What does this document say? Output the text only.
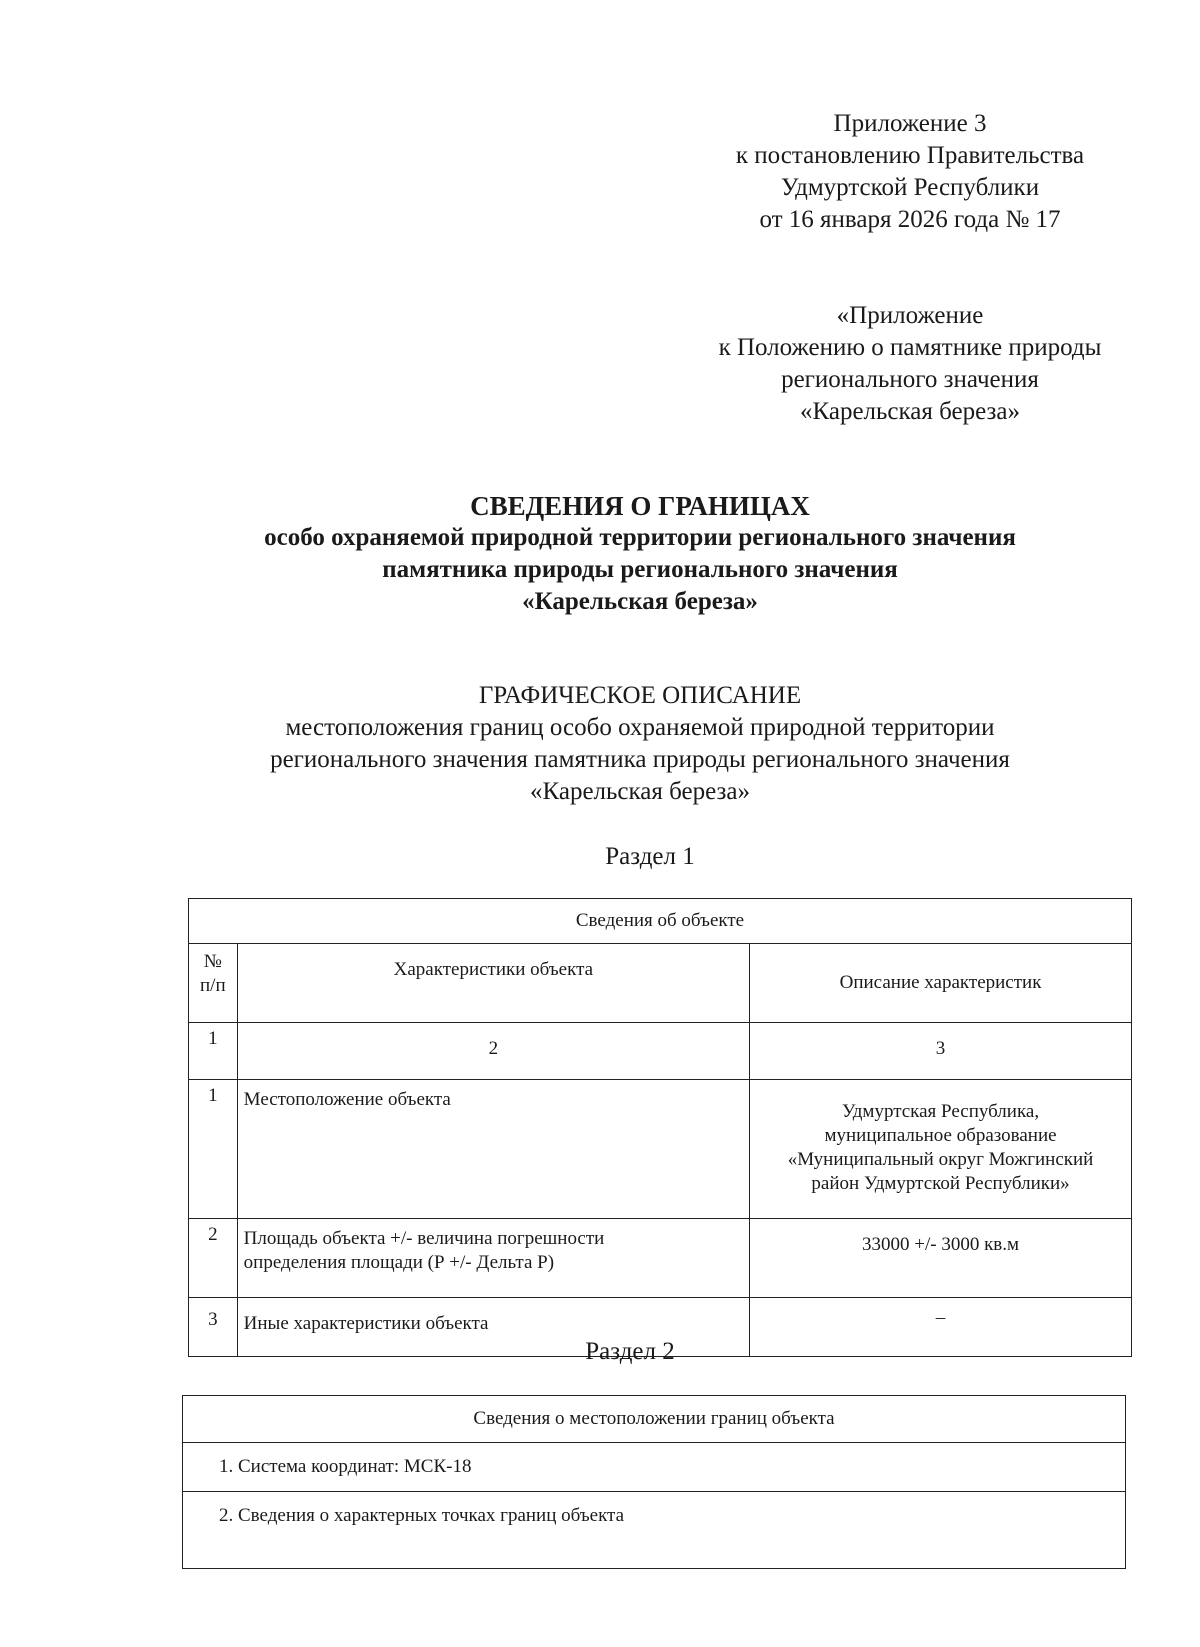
Приложение 3
к постановлению Правительства
Удмуртской Республики
от 16 января 2026 года № 17
«Приложение
к Положению о памятнике природы
регионального значения
«Карельская береза»
СВЕДЕНИЯ О ГРАНИЦАХ
особо охраняемой природной территории регионального значения
памятника природы регионального значения
«Карельская береза»
ГРАФИЧЕСКОЕ ОПИСАНИЕ
местоположения границ особо охраняемой природной территории
регионального значения памятника природы регионального значения
«Карельская береза»
Раздел 1
Сведения об объекте		

№
п/п	Характеристики объекта	Описание характеристик
1	2	3
1	Местоположение объекта	Удмуртская Республика,
муниципальное образование
«Муниципальный округ Можгинский
район Удмуртской Республики»

2	Площадь объекта +/- величина погрешности
определения площади (Р +/- Дельта Р)	33000 +/- 3000 кв.м
3	Иные характеристики объекта	–
Раздел 2
Сведения о местоположении границ объекта
1. Система координат: МСК-18
2. Сведения о характерных точках границ объекта
